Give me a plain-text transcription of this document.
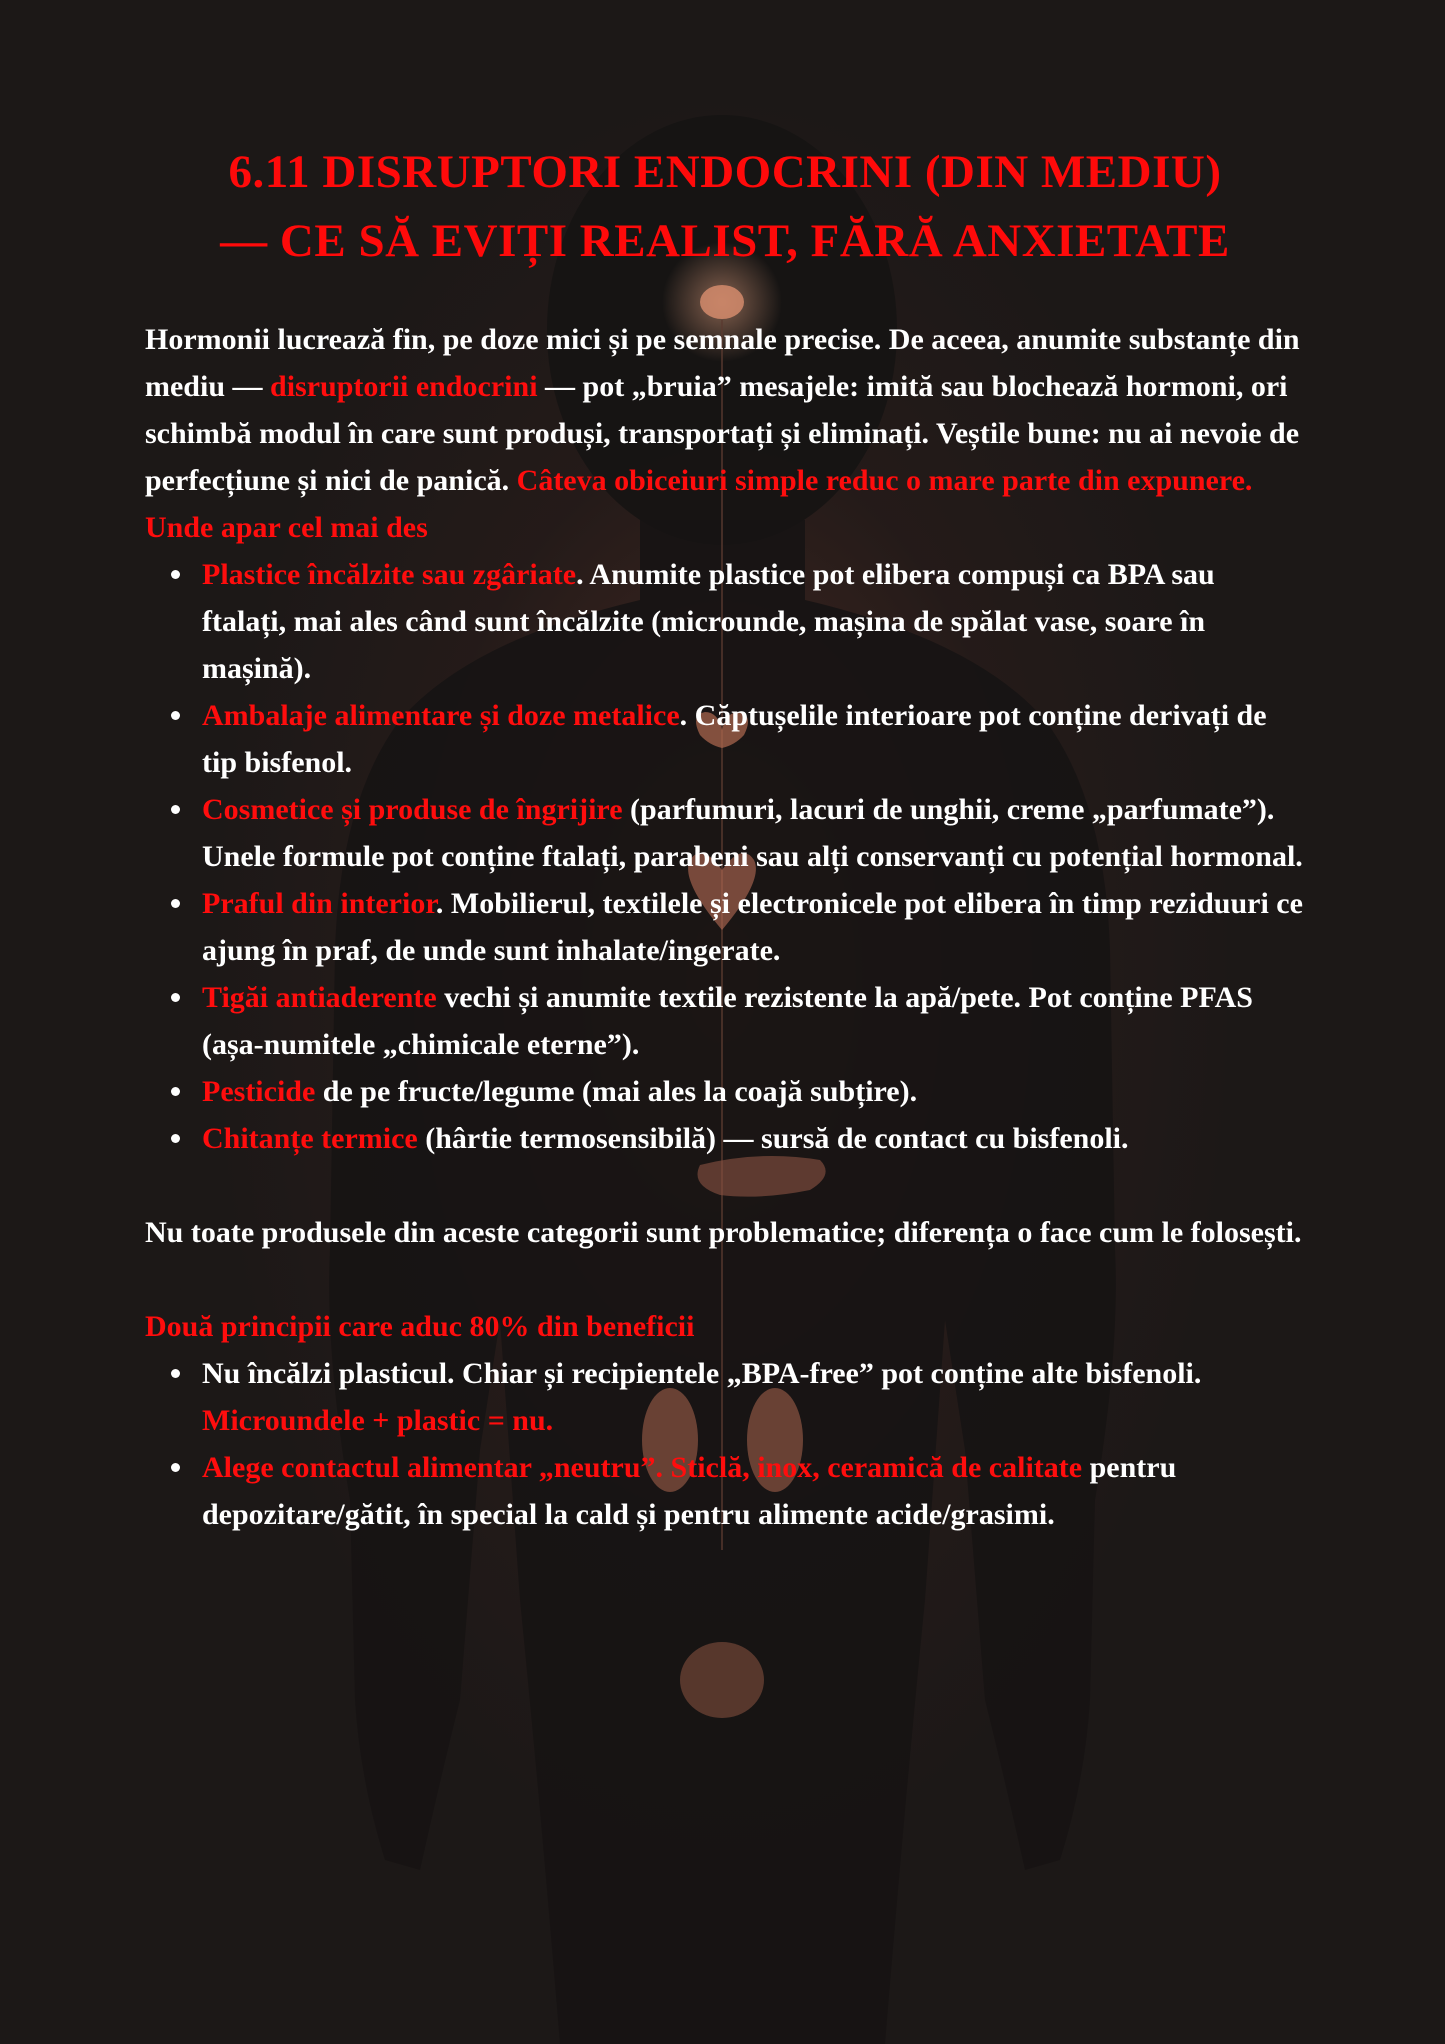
6.11 DISRUPTORI ENDOCRINI (DIN MEDIU)
— CE SĂ EVIȚI REALIST, FĂRĂ ANXIETATE

Hormonii lucrează fin, pe doze mici și pe semnale precise. De aceea, anumite substanțe din mediu — disruptorii endocrini — pot „bruia” mesajele: imită sau blochează hormoni, ori schimbă modul în care sunt produși, transportați și eliminați. Veștile bune: nu ai nevoie de perfecțiune și nici de panică. Câteva obiceiuri simple reduc o mare parte din expunere.

Unde apar cel mai des
Plastice încălzite sau zgâriate. Anumite plastice pot elibera compuși ca BPA sau ftalați, mai ales când sunt încălzite (microunde, mașina de spălat vase, soare în mașină).
Ambalaje alimentare și doze metalice. Căptușelile interioare pot conține derivați de tip bisfenol.
Cosmetice și produse de îngrijire (parfumuri, lacuri de unghii, creme „parfumate”). Unele formule pot conține ftalați, parabeni sau alți conservanți cu potențial hormonal.
Praful din interior. Mobilierul, textilele și electronicele pot elibera în timp reziduuri ce ajung în praf, de unde sunt inhalate/ingerate.
Tigăi antiaderente vechi și anumite textile rezistente la apă/pete. Pot conține PFAS (așa-numitele „chimicale eterne”).
Pesticide de pe fructe/legume (mai ales la coajă subțire).
Chitanțe termice (hârtie termosensibilă) — sursă de contact cu bisfenoli.

Nu toate produsele din aceste categorii sunt problematice; diferența o face cum le folosești.

Două principii care aduc 80% din beneficii
Nu încălzi plasticul. Chiar și recipientele „BPA-free” pot conține alte bisfenoli. Microundele + plastic = nu.
Alege contactul alimentar „neutru”. Sticlă, inox, ceramică de calitate pentru depozitare/gătit, în special la cald și pentru alimente acide/grasimi.
